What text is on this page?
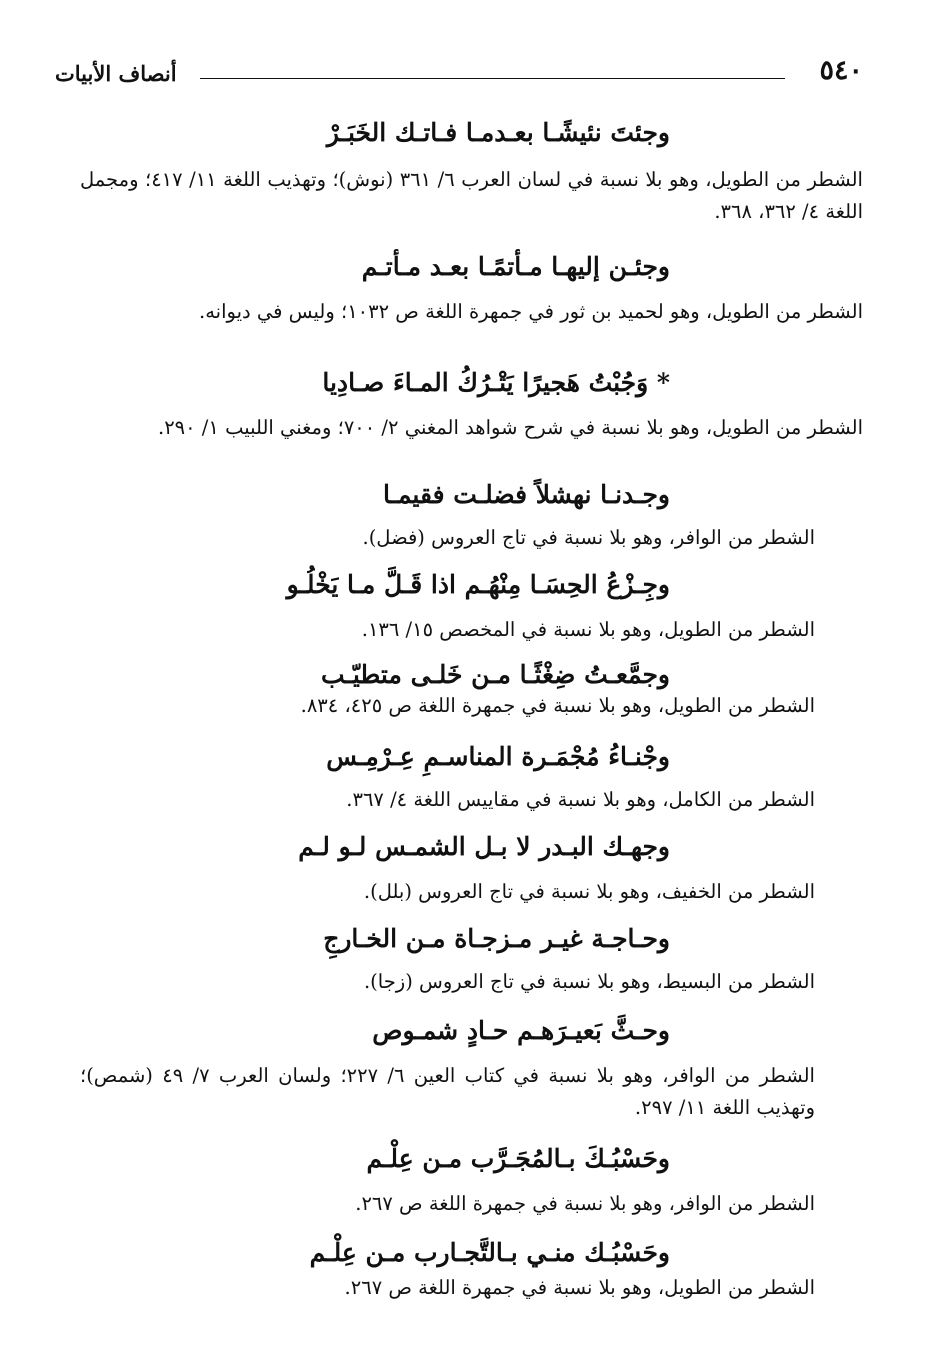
٥٤٠
أنصاف الأبيات
وجئتَ نئيشًـا بعـدمـا فـاتـك الخَبَـرْ
الشطر من الطويل، وهو بلا نسبة في لسان العرب ٦/ ٣٦١ (نوش)؛ وتهذيب اللغة ١١/ ٤١٧؛ ومجمل اللغة ٤/ ٣٦٢، ٣٦٨.
وجئـن إليهـا مـأتمًـا بعـد مـأتـم
الشطر من الطويل، وهو لحميد بن ثور في جمهرة اللغة ص ١٠٣٢؛ وليس في ديوانه.
* وَجُبْتُ هَجيرًا يَتْـرُكُ المـاءَ صـادِيا
الشطر من الطويل، وهو بلا نسبة في شرح شواهد المغني ٢/ ٧٠٠؛ ومغني اللبيب ١/ ٢٩٠.
وجـدنـا نهشلاً فضلـت فقيمـا
الشطر من الوافر، وهو بلا نسبة في تاج العروس (فضل).
وجِـزْعُ الحِسَـا مِنْهُـم اذا قَـلَّ مـا يَخْلُـو
الشطر من الطويل، وهو بلا نسبة في المخصص ١٥/ ١٣٦.
وجمَّعـتُ ضِغْثًـا مـن خَلـى متطيّـب
الشطر من الطويل، وهو بلا نسبة في جمهرة اللغة ص ٤٢٥، ٨٣٤.
وجْنـاءُ مُجْمَـرة المناسـمِ عِـرْمِـس
الشطر من الكامل، وهو بلا نسبة في مقاييس اللغة ٤/ ٣٦٧.
وجهـك البـدر لا بـل الشمـس لـو لـم
الشطر من الخفيف، وهو بلا نسبة في تاج العروس (بلل).
وحـاجـة غيـر مـزجـاة مـن الخـارجِ
الشطر من البسيط، وهو بلا نسبة في تاج العروس (زجا).
وحـثَّ بَعيـرَهـم حـادٍ شمـوص
الشطر من الوافر، وهو بلا نسبة في كتاب العين ٦/ ٢٢٧؛ ولسان العرب ٧/ ٤٩ (شمص)؛ وتهذيب اللغة ١١/ ٢٩٧.
وحَسْبُـكَ بـالمُجَـرَّب مـن عِلْـم
الشطر من الوافر، وهو بلا نسبة في جمهرة اللغة ص ٢٦٧.
وحَسْبُـك منـي بـالتَّجـارب مـن عِلْـم
الشطر من الطويل، وهو بلا نسبة في جمهرة اللغة ص ٢٦٧.
